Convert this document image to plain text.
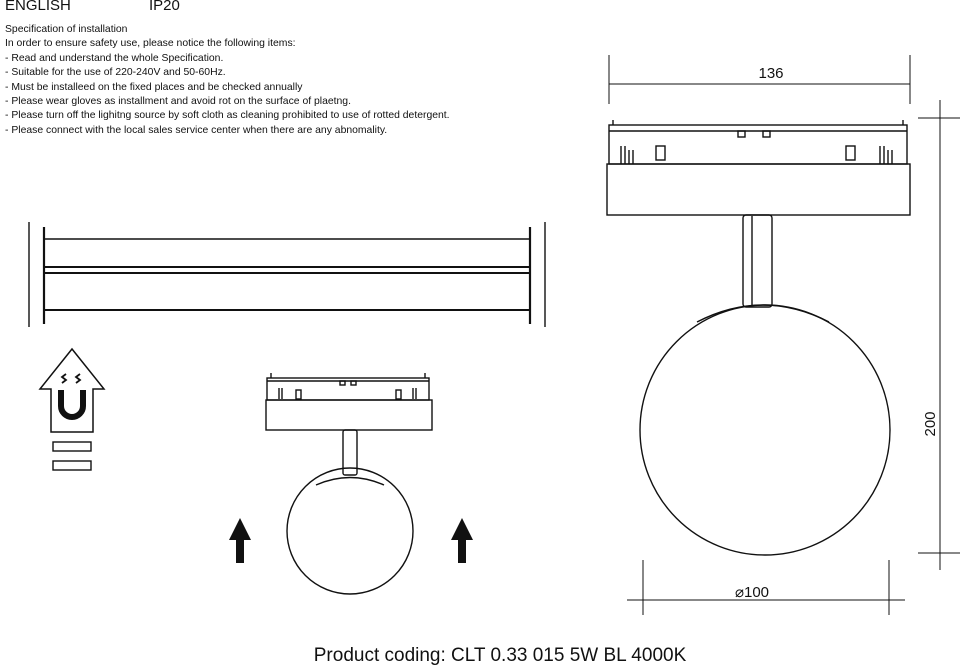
ENGLISH	IP20
Specification of installation
In order to ensure safety use, please notice the following items:
- Read and understand the whole Specification.
- Suitable for the use of 220-240V and 50-60Hz.
- Must be installeed on the fixed places and be checked annually
- Please wear gloves as installment and avoid rot on the surface of plaetng.
- Please turn off the lighitng source by soft cloth as cleaning prohibited to use of rotted detergent.
- Please connect with the local sales service center when there are any abnomality.
136
200
⌀100
Product coding: CLT 0.33 015 5W BL 4000K
